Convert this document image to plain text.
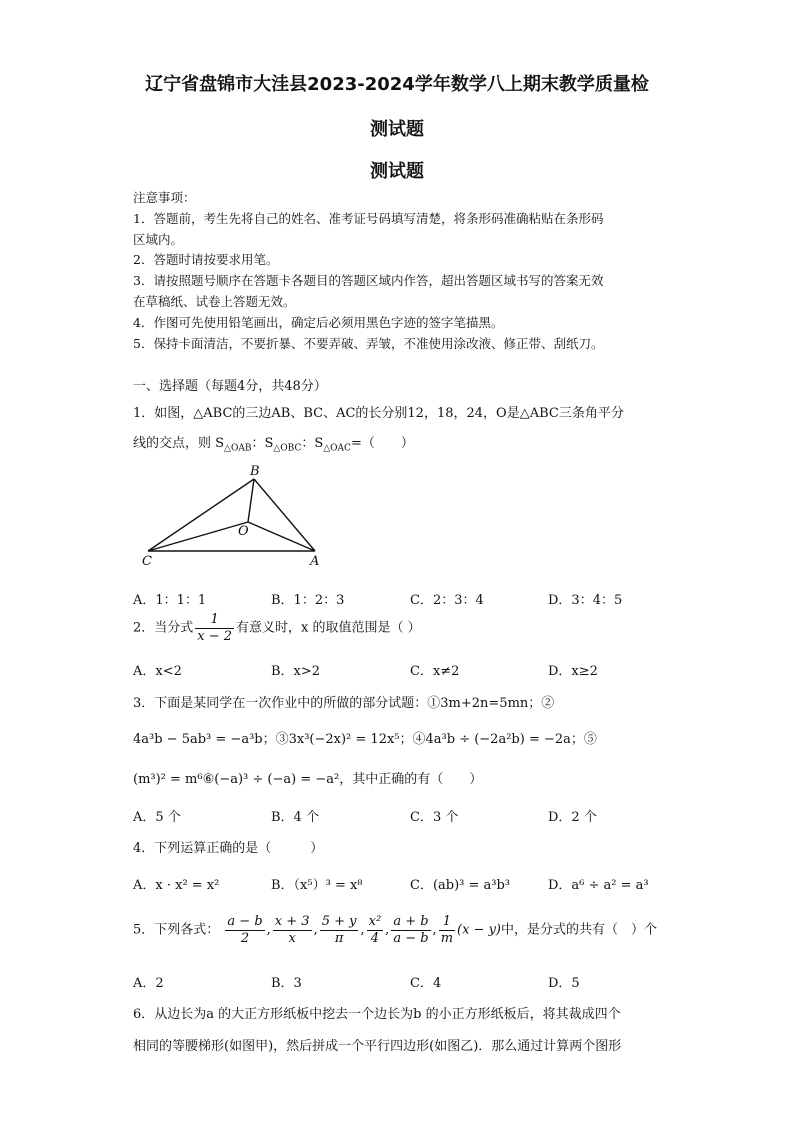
辽宁省盘锦市大洼县2023-2024学年数学八上期末教学质量检
测试题
测试题
注意事项：
1．答题前，考生先将自己的姓名、准考证号码填写清楚，将条形码准确粘贴在条形码
区域内。
2．答题时请按要求用笔。
3．请按照题号顺序在答题卡各题目的答题区域内作答，超出答题区域书写的答案无效
在草稿纸、试卷上答题无效。
4．作图可先使用铅笔画出，确定后必须用黑色字迹的签字笔描黑。
5．保持卡面清洁，不要折暴、不要弄破、弄皱，不准使用涂改液、修正带、刮纸刀。
一、选择题（每题4分，共48分）
1．如图，△ABC的三边AB、BC、AC的长分别12，18，24，O是△ABC三条角平分
线的交点，则 $S_{\triangle OAB}$：$S_{\triangle OBC}$：$S_{\triangle OAC}=$（　　）
B
O
C	A
A．1：1：1	B．1：2：3	C．2：3：4	D．3：4：5
2．当分式 $\frac{1}{x - 2}$ 有意义时，x 的取值范围是（ ）
A．x<2	B．x>2	C．x≠2	D．x≥2
3．下面是某同学在一次作业中的所做的部分试题：①3m+2n=5mn；②
4a³b − 5ab³ = −a³b；③3x³(−2x)² = 12x⁵；④4a³b ÷ (−2a²b) = −2a；⑤
(m³)² = m⁶⑥(−a)³ ÷ (−a) = −a²，其中正确的有（　　）
A．5 个	B．4 个	C．3 个	D．2 个
4．下列运算正确的是（　　　）
A．x · x² = x²	B．（x⁵）³ = x⁸	C．(ab)³ = a³b³	D．a⁶ ÷ a² = a³
5．下列各式： $\frac{a - b}{2}$ , $\frac{x + 3}{x}$ , $\frac{5 + y}{\pi}$ , $\frac{\text{x²}}{4}$ , $\frac{a + b}{a - b}$ , $\frac{1}{m} (x - y)$中，是分式的共有（　）个
A．2	B．3	C．4	D．5
6．从边长为a 的大正方形纸板中挖去一个边长为b 的小正方形纸板后，将其裁成四个
相同的等腰梯形(如图甲)，然后拼成一个平行四边形(如图乙)．那么通过计算两个图形
